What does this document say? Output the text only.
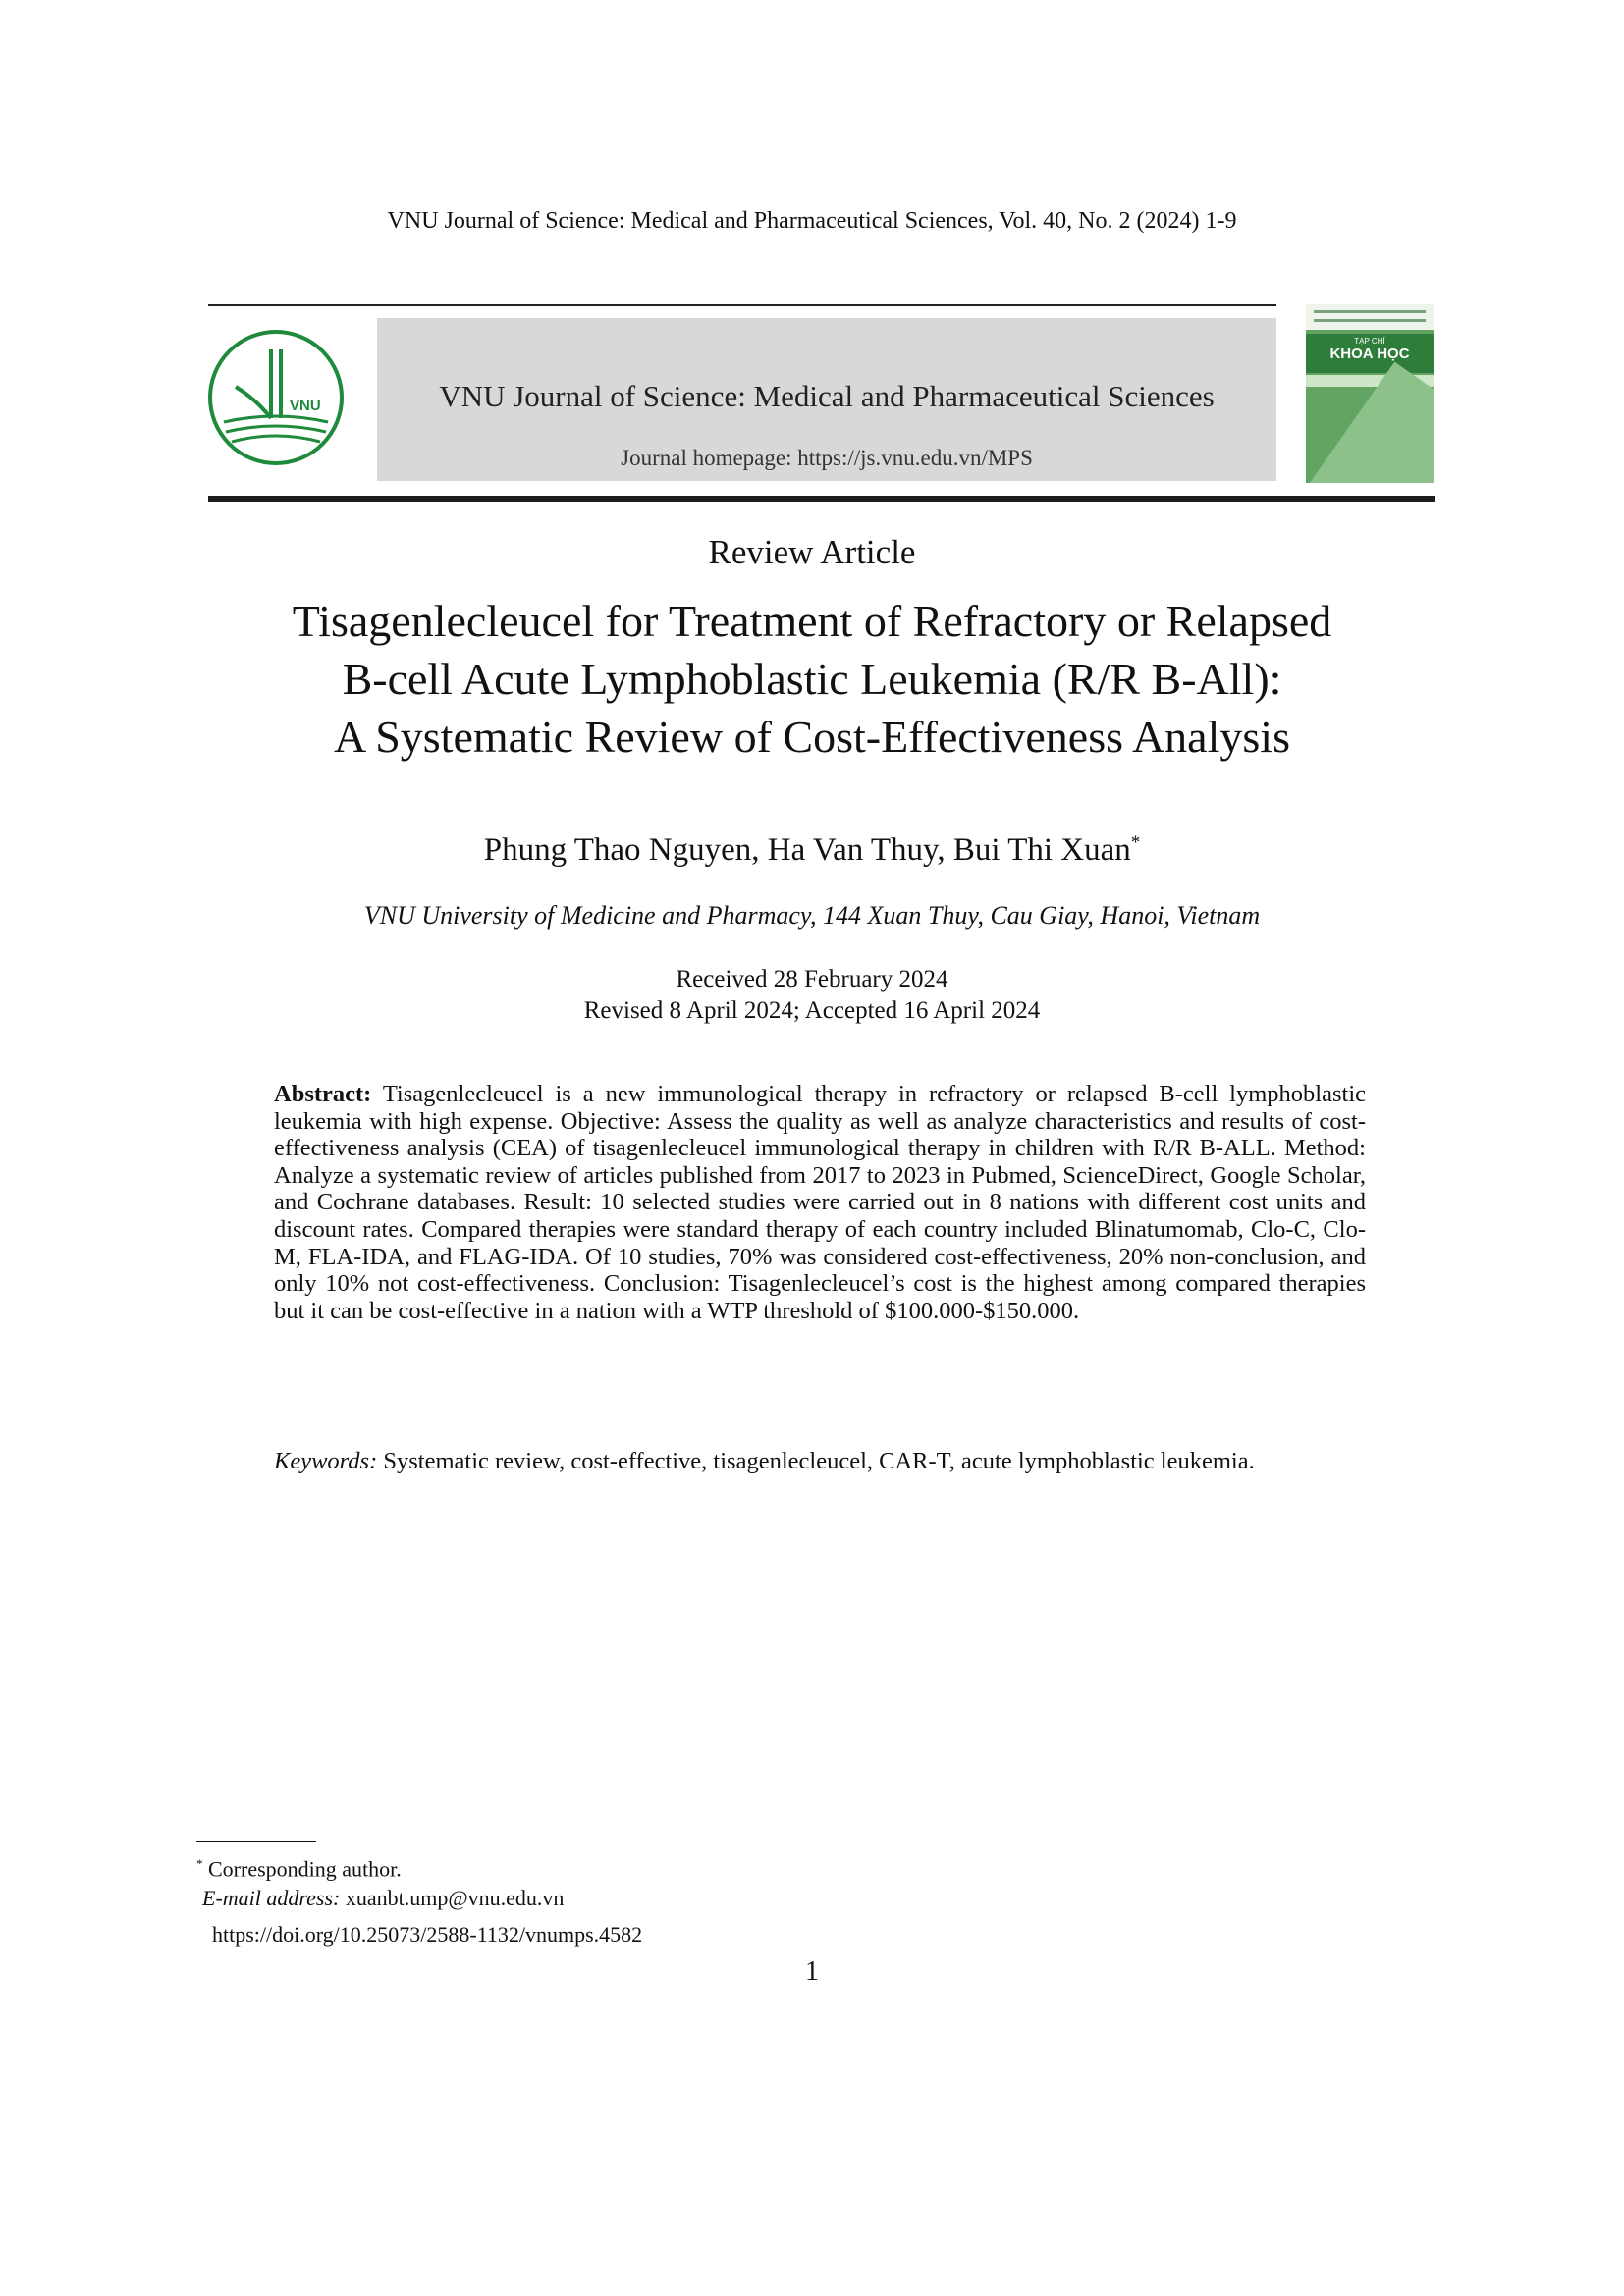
VNU Journal of Science: Medical and Pharmaceutical Sciences, Vol. 40, No. 2 (2024) 1-9
VNU	VNU Journal of Science: Medical and Pharmaceutical Sciences
Journal homepage: https://js.vnu.edu.vn/MPS
TẠP CHÍ
KHOA HỌC
Review Article
Tisagenlecleucel for Treatment of Refractory or Relapsed
B-cell Acute Lymphoblastic Leukemia (R/R B-All):
A Systematic Review of Cost-Effectiveness Analysis
Phung Thao Nguyen, Ha Van Thuy, Bui Thi Xuan*
VNU University of Medicine and Pharmacy, 144 Xuan Thuy, Cau Giay, Hanoi, Vietnam
Received 28 February 2024
Revised 8 April 2024; Accepted 16 April 2024
Abstract: Tisagenlecleucel is a new immunological therapy in refractory or relapsed B-cell lymphoblastic leukemia with high expense. Objective: Assess the quality as well as analyze characteristics and results of cost-effectiveness analysis (CEA) of tisagenlecleucel immunological therapy in children with R/R B-ALL. Method: Analyze a systematic review of articles published from 2017 to 2023 in Pubmed, ScienceDirect, Google Scholar, and Cochrane databases. Result: 10 selected studies were carried out in 8 nations with different cost units and discount rates. Compared therapies were standard therapy of each country included Blinatumomab, Clo-C, Clo-M, FLA-IDA, and FLAG-IDA. Of 10 studies, 70% was considered cost-effectiveness, 20% non-conclusion, and only 10% not cost-effectiveness. Conclusion: Tisagenlecleucel’s cost is the highest among compared therapies but it can be cost-effective in a nation with a WTP threshold of $100.000-$150.000.
Keywords: Systematic review, cost-effective, tisagenlecleucel, CAR-T, acute lymphoblastic leukemia.
* Corresponding author.
E-mail address: xuanbt.ump@vnu.edu.vn
https://doi.org/10.25073/2588-1132/vnumps.4582
1
